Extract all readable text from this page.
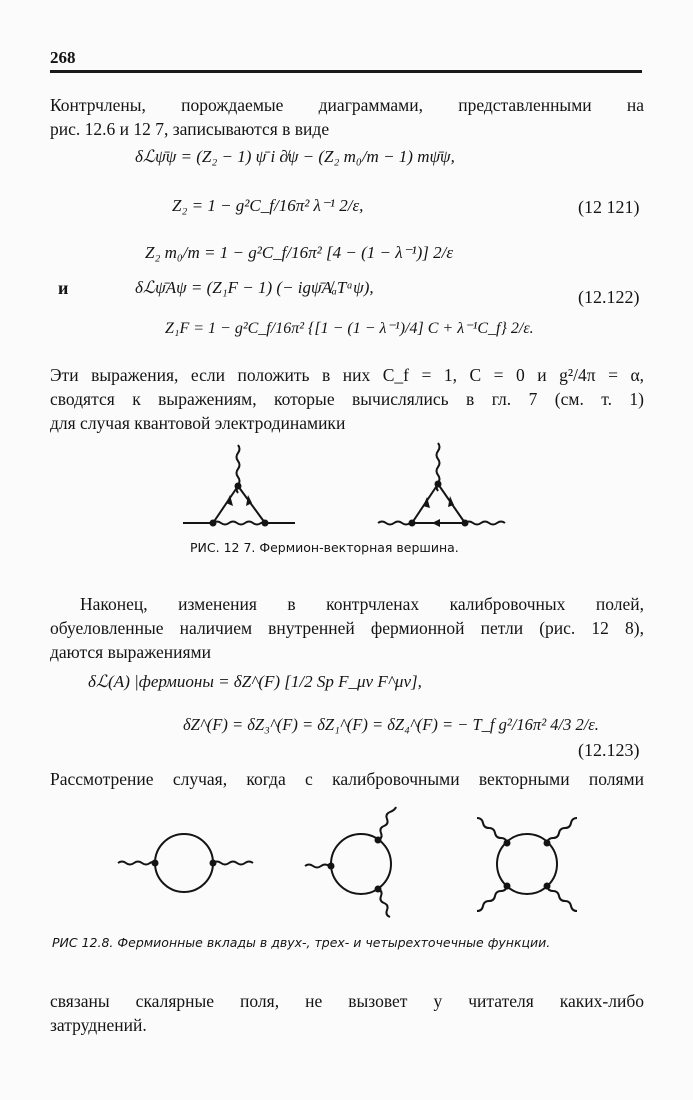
268
Контрчлены, порождаемые диаграммами, представленными на
рис. 12.6 и 12 7, записываются в виде
δℒψ̄ψ = (Z₂ − 1) ψ̄ i ∂̸ψ − (Z₂ m₀/m − 1) mψ̄ψ,
Z₂ = 1 − g²C_f/16π² λ⁻¹ 2/ε,	(12 121)
Z₂ m₀/m = 1 − g²C_f/16π² [4 − (1 − λ⁻¹)] 2/ε
и	δℒψ̄Aψ = (Z₁F − 1) (− igψ̄A̸ₐTᵃψ),	(12.122)
Z₁F = 1 − g²C_f/16π² {[1 − (1 − λ⁻¹)/4] C + λ⁻¹C_f} 2/ε.
Эти выражения, если положить в них C_f = 1, C = 0 и g²/4π = α,
сводятся к выражениям, которые вычислялись в гл. 7 (см. т. 1)
для случая квантовой электродинамики
РИС. 12 7. Фермион-векторная вершина.
Наконец, изменения в контрчленах калибровочных полей,
обуеловленные наличием внутренней фермионной петли (рис. 12 8),
даются выражениями
δℒ(A) |фермионы = δZ^(F) [1/2 Sp F_μν F^μν],
δZ^(F) = δZ₃^(F) = δZ₁^(F) = δZ₄^(F) = − T_f g²/16π² 4/3 2/ε.
(12.123)
Рассмотрение случая, когда с калибровочными векторными полями
РИС 12.8. Фермионные вклады в двух-, трех- и четырехточечные функции.
связаны скалярные поля, не вызовет у читателя каких-либо
затруднений.
